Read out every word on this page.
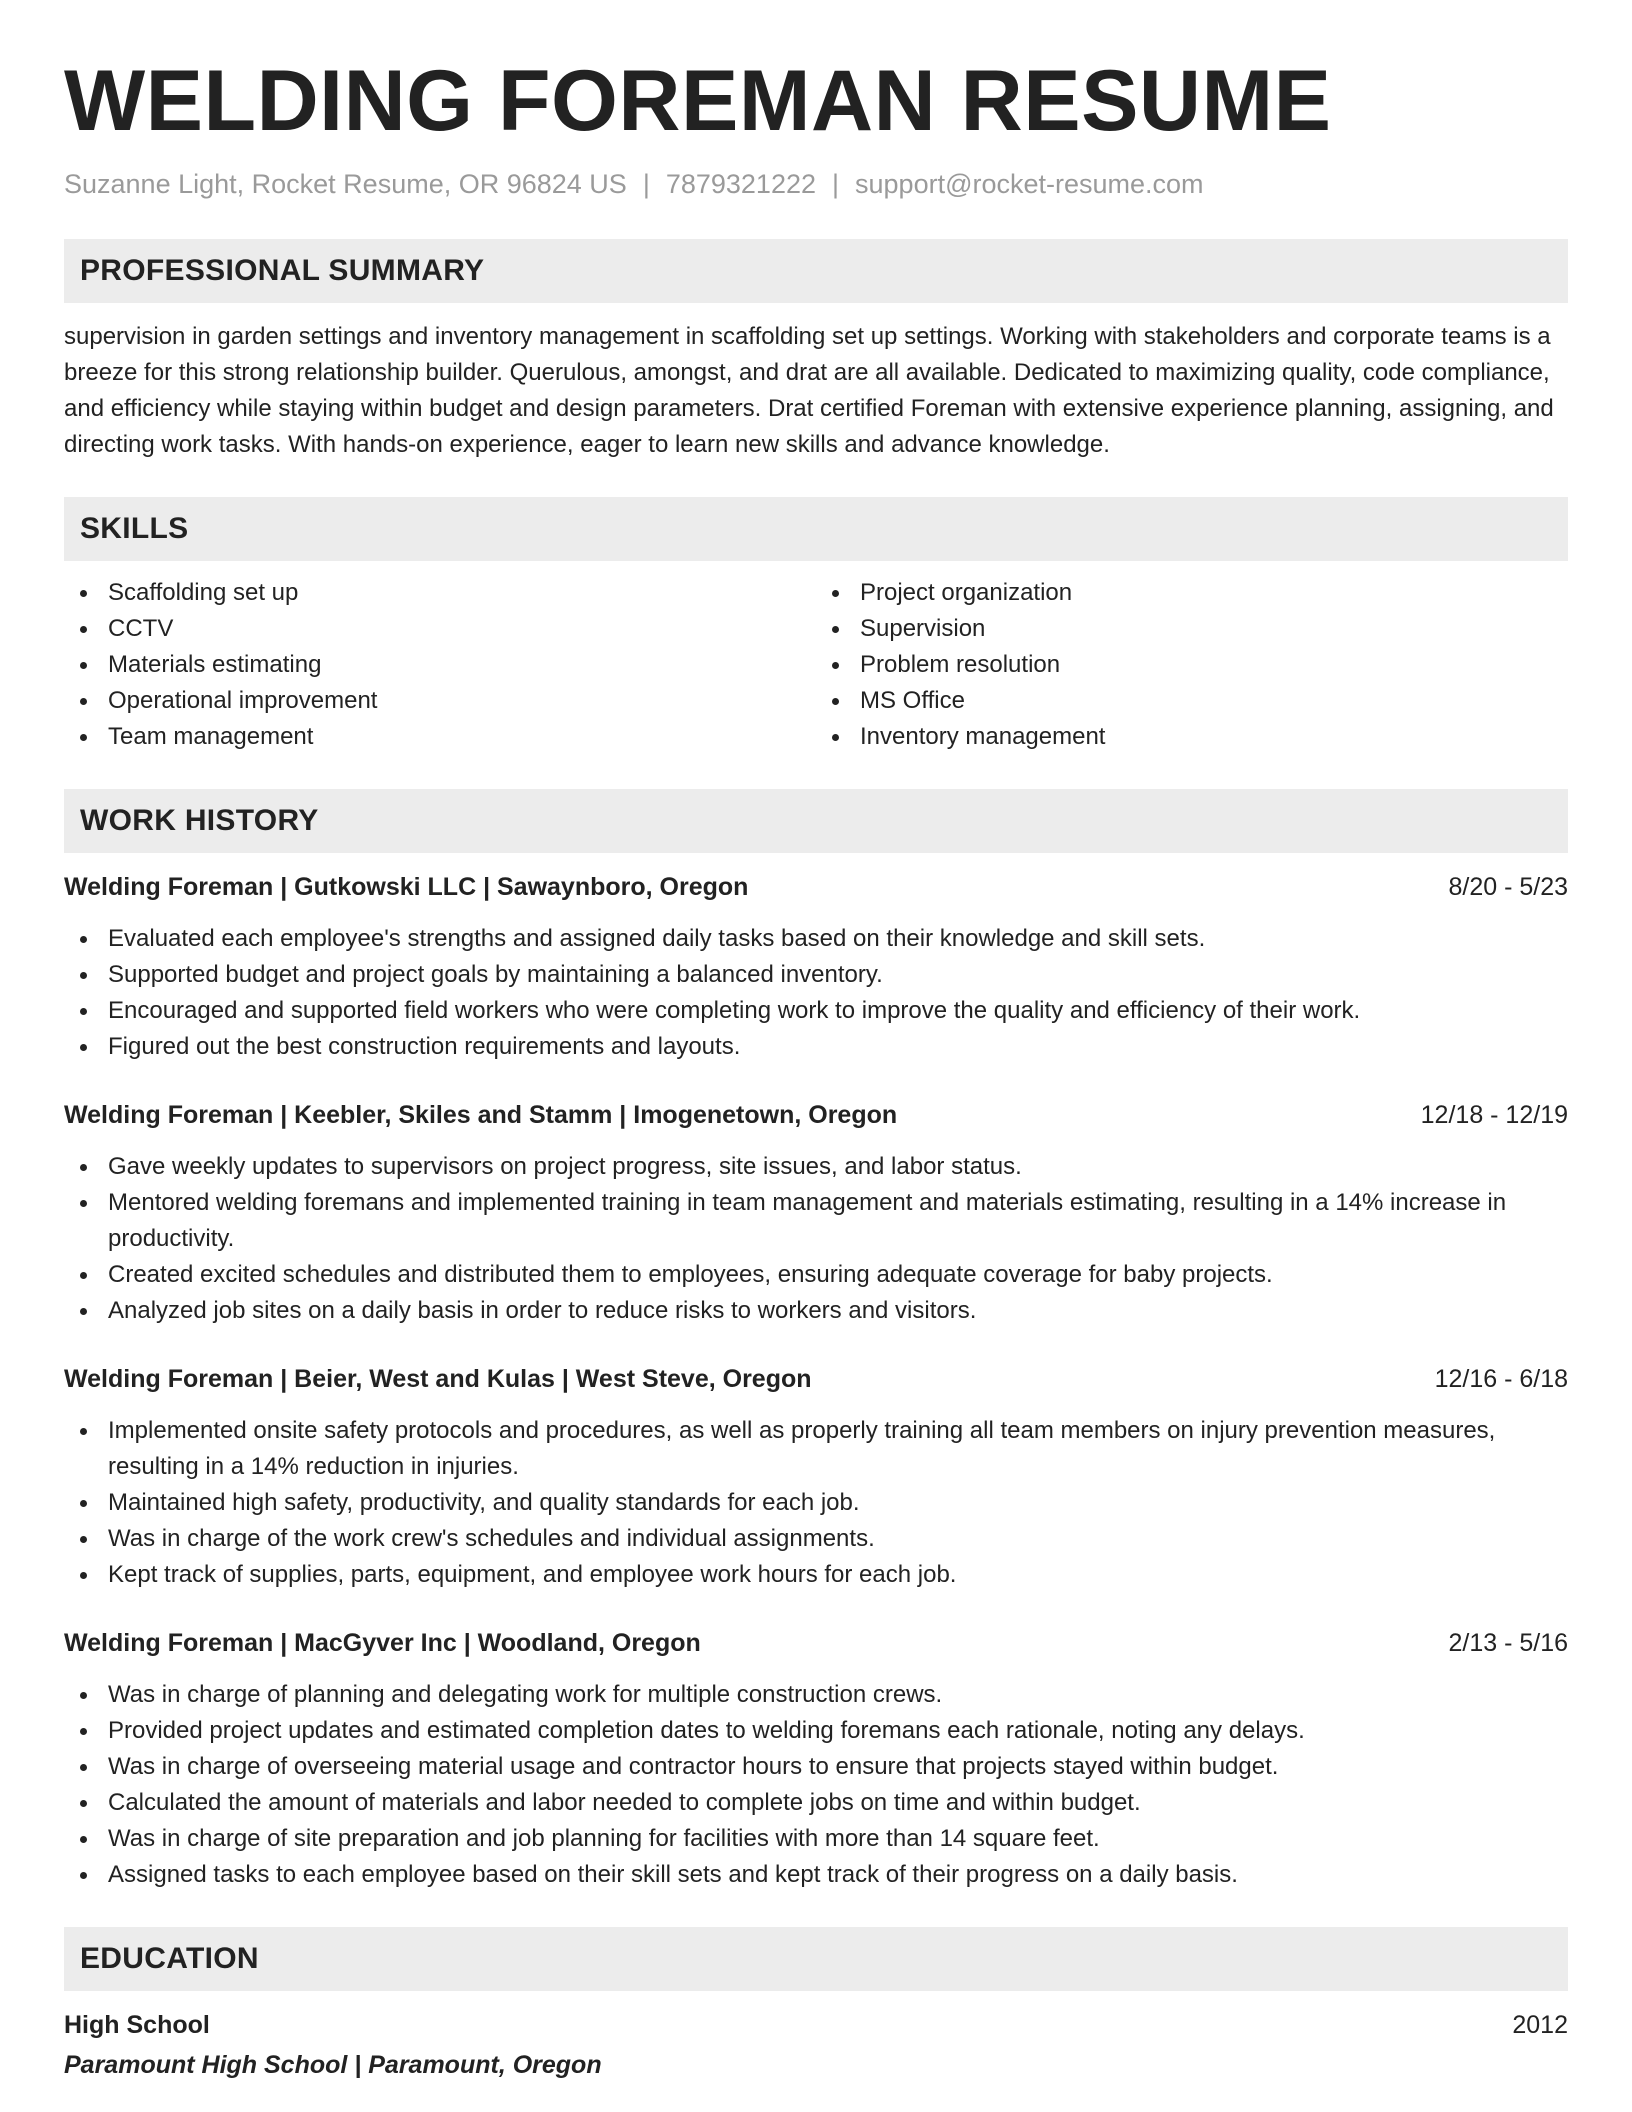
WELDING FOREMAN RESUME
Suzanne Light, Rocket Resume, OR 96824 US | 7879321222 | support@rocket-resume.com
PROFESSIONAL SUMMARY

supervision in garden settings and inventory management in scaffolding set up settings. Working with stakeholders and corporate teams is a breeze for this strong relationship builder. Querulous, amongst, and drat are all available. Dedicated to maximizing quality, code compliance, and efficiency while staying within budget and design parameters. Drat certified Foreman with extensive experience planning, assigning, and directing work tasks. With hands-on experience, eager to learn new skills and advance knowledge.

SKILLS
Scaffolding set up
CCTV
Materials estimating
Operational improvement
Team management
Project organization
Supervision
Problem resolution
MS Office
Inventory management
WORK HISTORY
Welding Foreman | Gutkowski LLC | Sawaynboro, Oregon	8/20 - 5/23
Evaluated each employee's strengths and assigned daily tasks based on their knowledge and skill sets.
Supported budget and project goals by maintaining a balanced inventory.
Encouraged and supported field workers who were completing work to improve the quality and efficiency of their work.
Figured out the best construction requirements and layouts.
Welding Foreman | Keebler, Skiles and Stamm | Imogenetown, Oregon	12/18 - 12/19
Gave weekly updates to supervisors on project progress, site issues, and labor status.
Mentored welding foremans and implemented training in team management and materials estimating, resulting in a 14% increase in productivity.
Created excited schedules and distributed them to employees, ensuring adequate coverage for baby projects.
Analyzed job sites on a daily basis in order to reduce risks to workers and visitors.
Welding Foreman | Beier, West and Kulas | West Steve, Oregon	12/16 - 6/18
Implemented onsite safety protocols and procedures, as well as properly training all team members on injury prevention measures, resulting in a 14% reduction in injuries.
Maintained high safety, productivity, and quality standards for each job.
Was in charge of the work crew's schedules and individual assignments.
Kept track of supplies, parts, equipment, and employee work hours for each job.
Welding Foreman | MacGyver Inc | Woodland, Oregon	2/13 - 5/16
Was in charge of planning and delegating work for multiple construction crews.
Provided project updates and estimated completion dates to welding foremans each rationale, noting any delays.
Was in charge of overseeing material usage and contractor hours to ensure that projects stayed within budget.
Calculated the amount of materials and labor needed to complete jobs on time and within budget.
Was in charge of site preparation and job planning for facilities with more than 14 square feet.
Assigned tasks to each employee based on their skill sets and kept track of their progress on a daily basis.
EDUCATION
High School	2012
Paramount High School | Paramount, Oregon
